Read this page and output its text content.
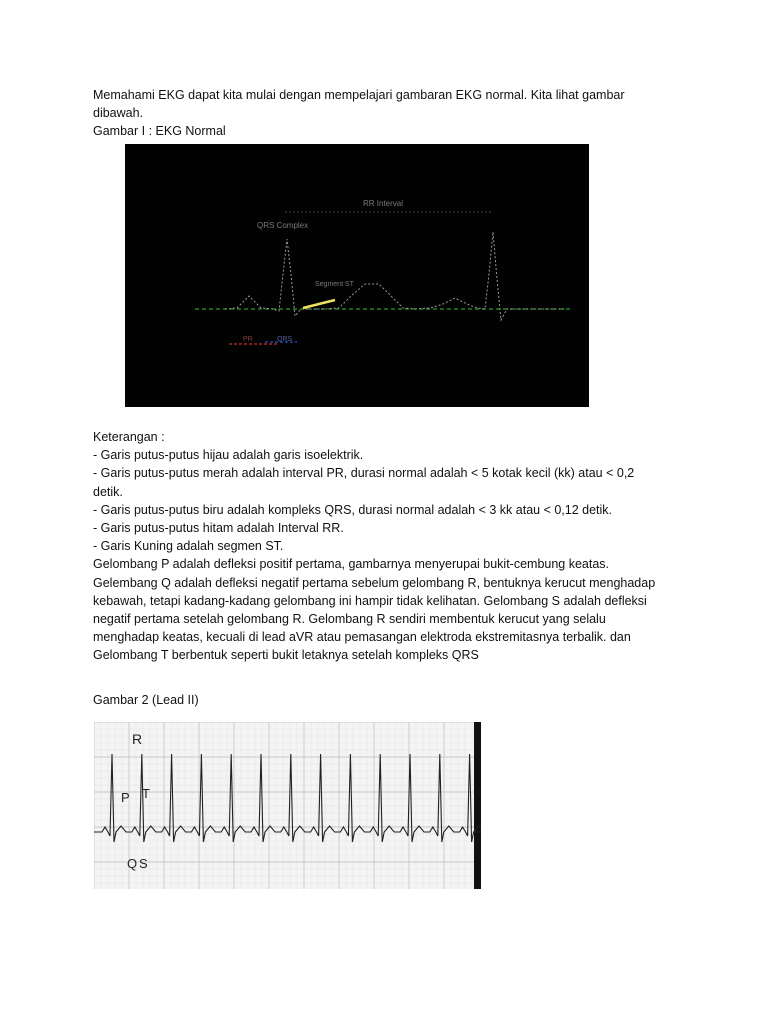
Memahami EKG dapat kita mulai dengan mempelajari gambaran EKG normal. Kita lihat gambar
dibawah.
Gambar I : EKG Normal
RR Interval
QRS Complex
Segment ST
PR	QRS
Keterangan :
- Garis putus-putus hijau adalah garis isoelektrik.
- Garis putus-putus merah adalah interval PR, durasi normal adalah < 5 kotak kecil (kk) atau < 0,2
detik.
- Garis putus-putus biru adalah kompleks QRS, durasi normal adalah < 3 kk atau < 0,12 detik.
- Garis putus-putus hitam adalah Interval RR.
- Garis Kuning adalah segmen ST.
Gelombang P adalah defleksi positif pertama, gambarnya menyerupai bukit-cembung keatas.
Gelembang Q adalah defleksi negatif pertama sebelum gelombang R, bentuknya kerucut menghadap
kebawah, tetapi kadang-kadang gelombang ini hampir tidak kelihatan. Gelombang S adalah defleksi
negatif pertama setelah gelombang R. Gelombang R sendiri membentuk kerucut yang selalu
menghadap keatas, kecuali di lead aVR atau pemasangan elektroda ekstremitasnya terbalik. dan
Gelombang T berbentuk seperti bukit letaknya setelah kompleks QRS
Gambar 2 (Lead II)
R
P T
Q S
